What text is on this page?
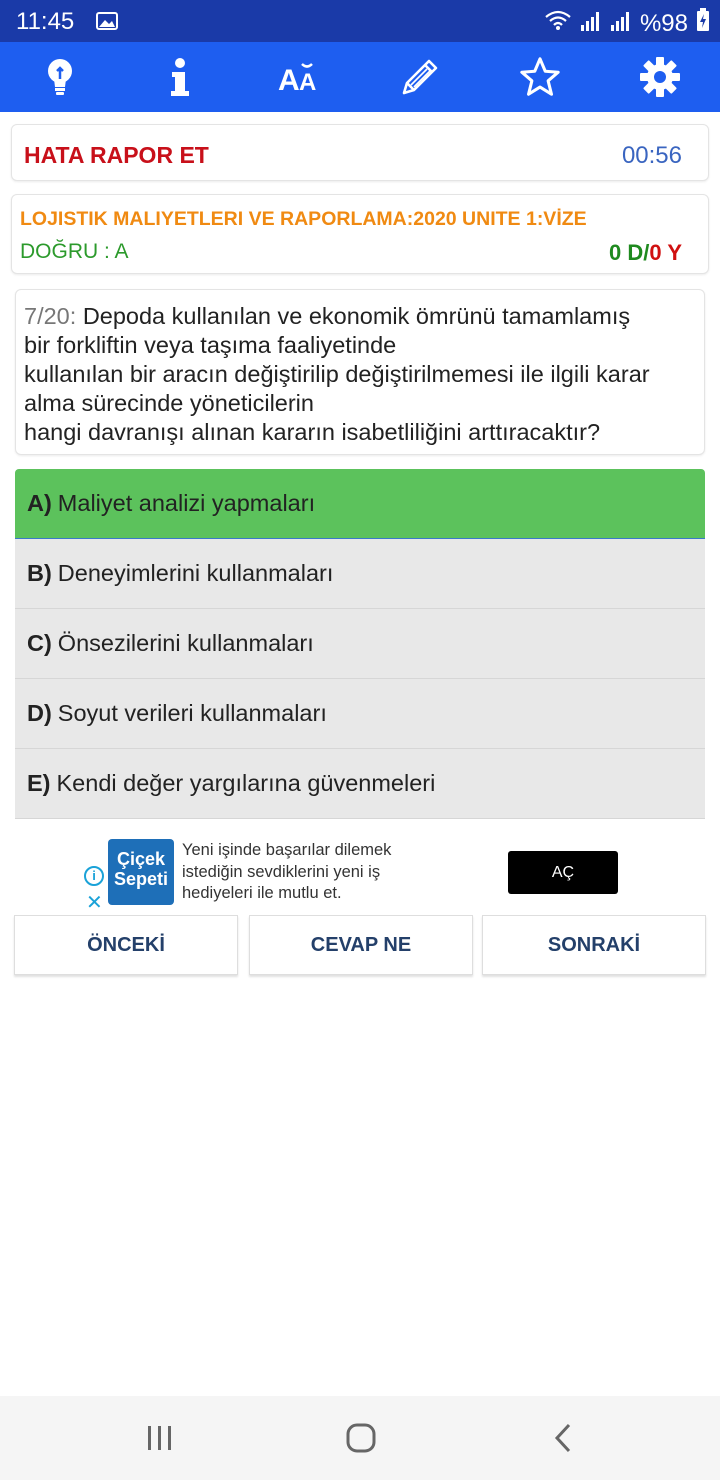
11:45	%98
A A
HATA RAPOR ET	00:56
LOJISTIK MALIYETLERI VE RAPORLAMA:2020 UNITE 1:VİZE
DOĞRU : A	0 D/0 Y

7/20: Depoda kullanılan ve ekonomik ömrünü tamamlamış
bir forkliftin veya taşıma faaliyetinde
kullanılan bir aracın değiştirilip değiştirilmemesi ile ilgili karar
alma sürecinde yöneticilerin
hangi davranışı alınan kararın isabetliliğini arttıracaktır?

A) Maliyet analizi yapmaları
B) Deneyimlerini kullanmaları
C) Önsezilerini kullanmaları
D) Soyut verileri kullanmaları
E) Kendi değer yargılarına güvenmeleri
i
✕
Çiçek
Sepeti
Yeni işinde başarılar dilemek
istediğin sevdiklerini yeni iş
hediyeleri ile mutlu et.
AÇ
ÖNCEKİ	CEVAP NE	SONRAKİ
